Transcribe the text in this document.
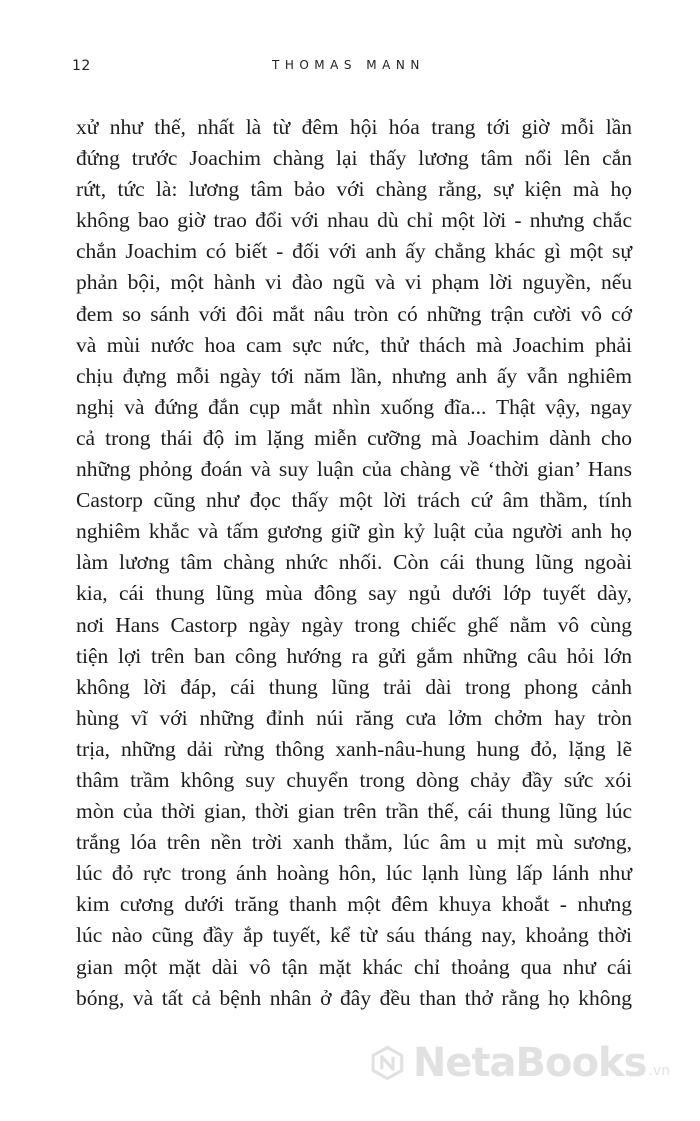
12	THOMAS MANN
xử như thế, nhất là từ đêm hội hóa trang tới giờ mỗi lần
đứng trước Joachim chàng lại thấy lương tâm nổi lên cắn
rứt, tức là: lương tâm bảo với chàng rằng, sự kiện mà họ
không bao giờ trao đổi với nhau dù chỉ một lời - nhưng chắc
chắn Joachim có biết - đối với anh ấy chẳng khác gì một sự
phản bội, một hành vi đào ngũ và vi phạm lời nguyền, nếu
đem so sánh với đôi mắt nâu tròn có những trận cười vô cớ
và mùi nước hoa cam sực nức, thử thách mà Joachim phải
chịu đựng mỗi ngày tới năm lần, nhưng anh ấy vẫn nghiêm
nghị và đứng đắn cụp mắt nhìn xuống đĩa... Thật vậy, ngay
cả trong thái độ im lặng miễn cưỡng mà Joachim dành cho
những phỏng đoán và suy luận của chàng về ‘thời gian’ Hans
Castorp cũng như đọc thấy một lời trách cứ âm thầm, tính
nghiêm khắc và tấm gương giữ gìn kỷ luật của người anh họ
làm lương tâm chàng nhức nhối. Còn cái thung lũng ngoài
kia, cái thung lũng mùa đông say ngủ dưới lớp tuyết dày,
nơi Hans Castorp ngày ngày trong chiếc ghế nằm vô cùng
tiện lợi trên ban công hướng ra gửi gắm những câu hỏi lớn
không lời đáp, cái thung lũng trải dài trong phong cảnh
hùng vĩ với những đỉnh núi răng cưa lởm chởm hay tròn
trịa, những dải rừng thông xanh-nâu-hung hung đỏ, lặng lẽ
thâm trầm không suy chuyển trong dòng chảy đầy sức xói
mòn của thời gian, thời gian trên trần thế, cái thung lũng lúc
trắng lóa trên nền trời xanh thẳm, lúc âm u mịt mù sương,
lúc đỏ rực trong ánh hoàng hôn, lúc lạnh lùng lấp lánh như
kim cương dưới trăng thanh một đêm khuya khoắt - nhưng
lúc nào cũng đầy ắp tuyết, kể từ sáu tháng nay, khoảng thời
gian một mặt dài vô tận mặt khác chỉ thoảng qua như cái
bóng, và tất cả bệnh nhân ở đây đều than thở rằng họ không
NetaBooks .vn
